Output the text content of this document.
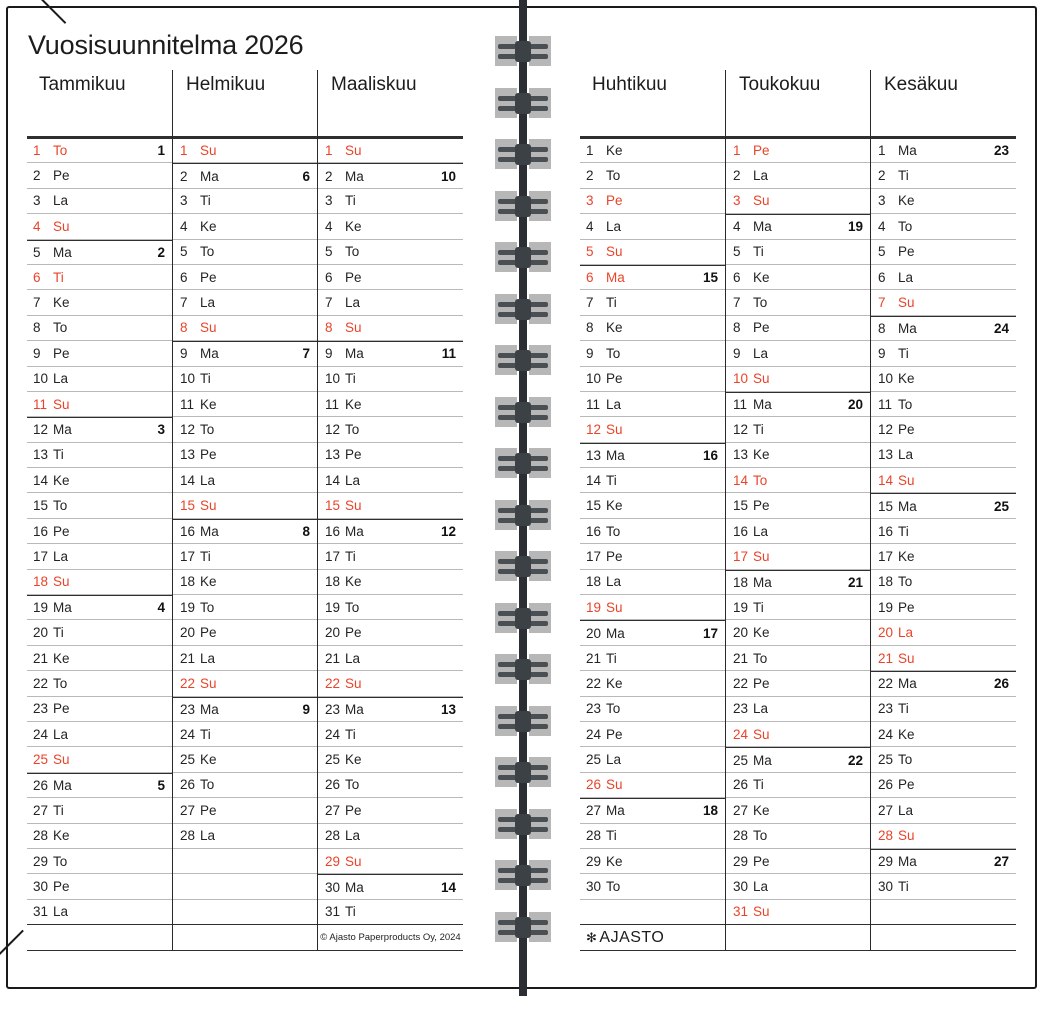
Vuosisuunnitelma 2026
Tammikuu
1 To	1
2 Pe
3 La
4 Su
5 Ma	2
6 Ti
7 Ke
8 To
9 Pe
10 La
11 Su
12 Ma	3
13 Ti
14 Ke
15 To
16 Pe
17 La
18 Su
19 Ma	4
20 Ti
21 Ke
22 To
23 Pe
24 La
25 Su
26 Ma	5
27 Ti
28 Ke
29 To
30 Pe
31 La
Helmikuu
1 Su
2 Ma	6
3 Ti
4 Ke
5 To
6 Pe
7 La
8 Su
9 Ma	7
10 Ti
11 Ke
12 To
13 Pe
14 La
15 Su
16 Ma	8
17 Ti
18 Ke
19 To
20 Pe
21 La
22 Su
23 Ma	9
24 Ti
25 Ke
26 To
27 Pe
28 La
Maaliskuu
1 Su
2 Ma	10
3 Ti
4 Ke
5 To
6 Pe
7 La
8 Su
9 Ma	11
10 Ti
11 Ke
12 To
13 Pe
14 La
15 Su
16 Ma	12
17 Ti
18 Ke
19 To
20 Pe
21 La
22 Su
23 Ma	13
24 Ti
25 Ke
26 To
27 Pe
28 La
29 Su
30 Ma	14
31 Ti
© Ajasto Paperproducts Oy, 2024
Huhtikuu
1 Ke
2 To
3 Pe
4 La
5 Su
6 Ma	15
7 Ti
8 Ke
9 To
10 Pe
11 La
12 Su
13 Ma	16
14 Ti
15 Ke
16 To
17 Pe
18 La
19 Su
20 Ma	17
21 Ti
22 Ke
23 To
24 Pe
25 La
26 Su
27 Ma	18
28 Ti
29 Ke
30 To
✻ AJASTO
Toukokuu
1 Pe
2 La
3 Su
4 Ma	19
5 Ti
6 Ke
7 To
8 Pe
9 La
10 Su
11 Ma	20
12 Ti
13 Ke
14 To
15 Pe
16 La
17 Su
18 Ma	21
19 Ti
20 Ke
21 To
22 Pe
23 La
24 Su
25 Ma	22
26 Ti
27 Ke
28 To
29 Pe
30 La
31 Su
Kesäkuu
1 Ma	23
2 Ti
3 Ke
4 To
5 Pe
6 La
7 Su
8 Ma	24
9 Ti
10 Ke
11 To
12 Pe
13 La
14 Su
15 Ma	25
16 Ti
17 Ke
18 To
19 Pe
20 La
21 Su
22 Ma	26
23 Ti
24 Ke
25 To
26 Pe
27 La
28 Su
29 Ma	27
30 Ti
